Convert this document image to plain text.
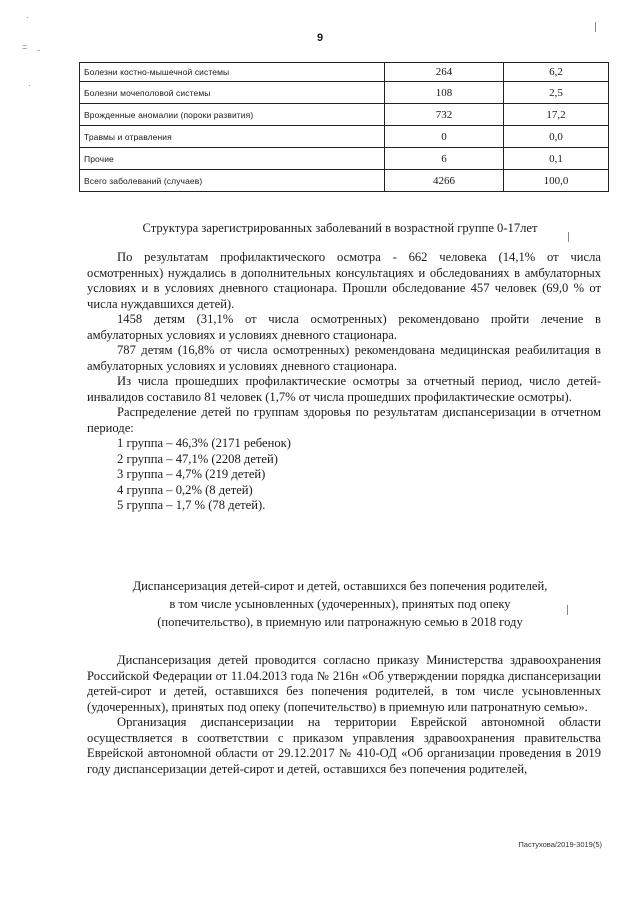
9
.
= -
.
Болезни костно-мышечной системы	264	6,2
Болезни мочеполовой системы	108	2,5
Врожденные аномалии (пороки развития)	732	17,2
Травмы и отравления	0	0,0
Прочие	6	0,1
Всего заболеваний (случаев)	4266	100,0
Структура зарегистрированных заболеваний в возрастной группе 0-17лет

По результатам профилактического осмотра - 662 человека (14,1% от числа осмотренных) нуждались в дополнительных консультациях и обследованиях в амбулаторных условиях и в условиях дневного стационара. Прошли обследование 457 человек (69,0 % от числа нуждавшихся детей).

1458 детям (31,1% от числа осмотренных) рекомендовано пройти лечение в амбулаторных условиях и условиях дневного стационара.

787 детям (16,8% от числа осмотренных) рекомендована медицинская реабилитация в амбулаторных условиях и условиях дневного стационара.

Из числа прошедших профилактические осмотры за отчетный период, число детей-инвалидов составило 81 человек (1,7% от числа прошедших профилактические осмотры).

Распределение детей по группам здоровья по результатам диспансеризации в отчетном периоде:

1 группа – 46,3% (2171 ребенок)

2 группа – 47,1% (2208 детей)

3 группа – 4,7% (219 детей)

4 группа – 0,2% (8 детей)

5 группа – 1,7 % (78 детей).

Диспансеризация детей-сирот и детей, оставшихся без попечения родителей,
в том числе усыновленных (удочеренных), принятых под опеку
(попечительство), в приемную или патронажную семью в 2018 году

Диспансеризация детей проводится согласно приказу Министерства здравоохранения Российской Федерации от 11.04.2013 года № 216н «Об утверждении порядка диспансеризации детей-сирот и детей, оставшихся без попечения родителей, в том числе усыновленных (удочеренных), принятых под опеку (попечительство) в приемную или патронатную семью».

Организация диспансеризации на территории Еврейской автономной области осуществляется в соответствии с приказом управления здравоохранения правительства Еврейской автономной области от 29.12.2017 № 410-ОД «Об организации проведения в 2019 году диспансеризации детей-сирот и детей, оставшихся без попечения родителей,

Пастухова/2019-3019(5)
